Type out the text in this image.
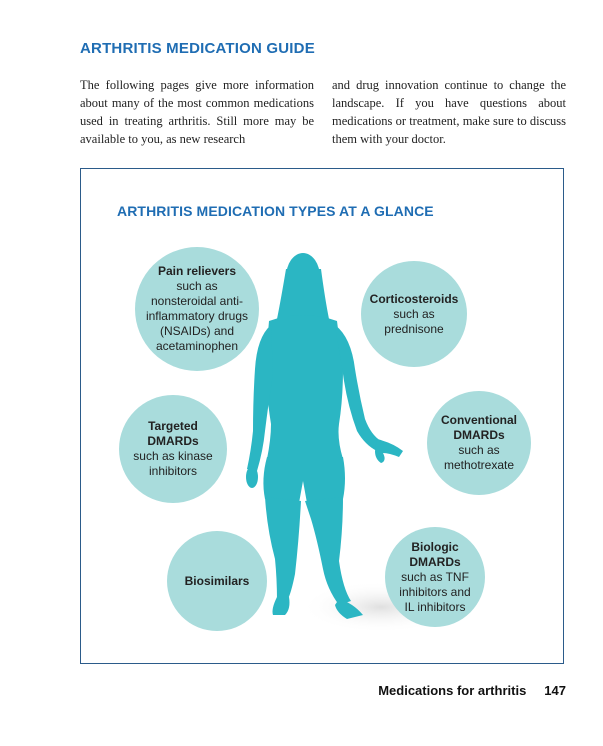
ARTHRITIS MEDICATION GUIDE

The following pages give more information about many of the most common medications used in treating arthritis. Still more may be available to you, as new research

and drug innovation continue to change the landscape. If you have questions about medications or treatment, make sure to discuss them with your doctor.

ARTHRITIS MEDICATION TYPES AT A GLANCE
Pain relievers
such as nonsteroidal anti-inflammatory drugs (NSAIDs) and acetaminophen
Corticosteroids
such as prednisone
Targeted DMARDs
such as kinase inhibitors
Conventional DMARDs
such as methotrexate
Biosimilars
Biologic DMARDs
such as TNF inhibitors and IL inhibitors
Medications for arthritis 147
